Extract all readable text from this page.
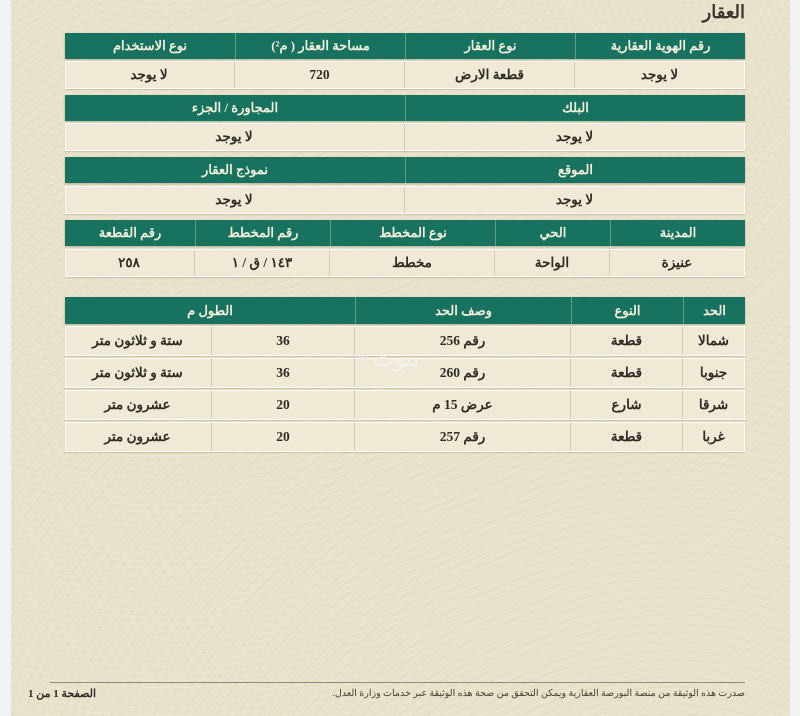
العقار
رقم الهوية العقارية
نوع العقار
مساحة العقار ( م²)
نوع الاستخدام
لا يوجد
قطعة الارض
720
لا يوجد
البلك
المجاورة / الجزء
لا يوجد
لا يوجد
الموقع
نموذج العقار
لا يوجد
لا يوجد
المدينة
الحي
نوع المخطط
رقم المخطط
رقم القطعة
عنيزة
الواحة
مخطط
١٤٣ / ق / ١
٢٥٨
الحد
النوع
وصف الحد
الطول م
شمالا
قطعة
رقم 256
36
ستة و ثلاثون متر
جنوبا
قطعة
رقم 260
36
ستة و ثلاثون متر
شرقا
شارع
عرض 15 م
20
عشرون متر
غربا
قطعة
رقم 257
20
عشرون متر
بيوت
®
صدرت هذه الوثيقة من منصة البورصة العقارية ويمكن التحقق من صحة هذه الوثيقة عبر خدمات وزارة العدل.
الصفحة 1 من 1
